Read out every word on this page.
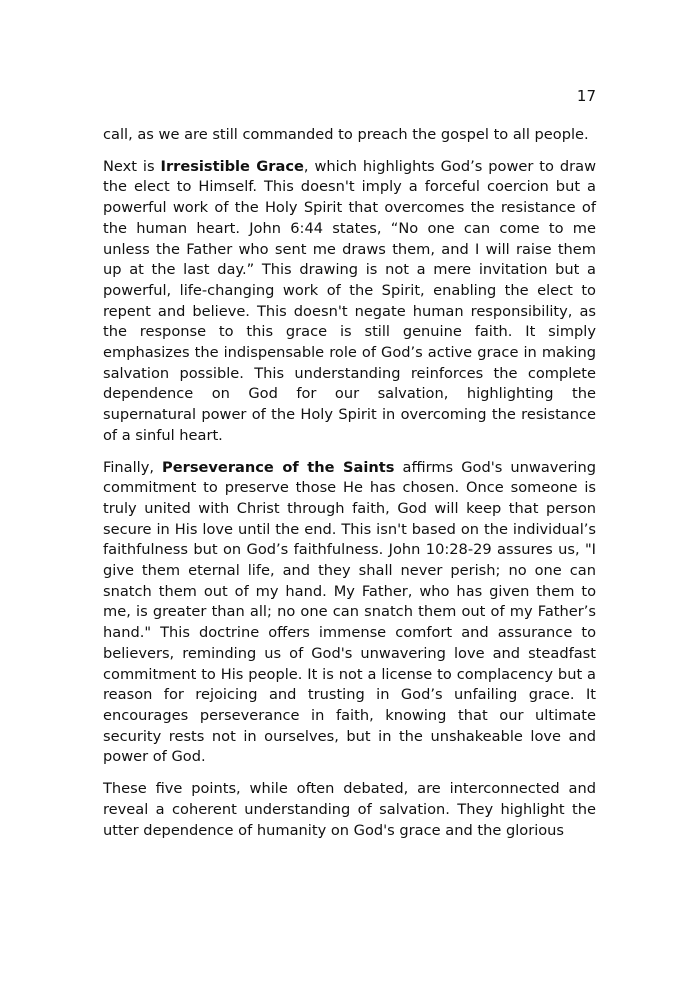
17

call, as we are still commanded to preach the gospel to all people.

Next is Irresistible Grace, which highlights God’s power to draw the elect to Himself. This doesn't imply a forceful coercion but a powerful work of the Holy Spirit that overcomes the resistance of the human heart. John 6:44 states, “No one can come to me unless the Father who sent me draws them, and I will raise them up at the last day.” This drawing is not a mere invitation but a powerful, life-changing work of the Spirit, enabling the elect to repent and believe. This doesn't negate human responsibility, as the response to this grace is still genuine faith. It simply emphasizes the indispensable role of God’s active grace in making salvation possible. This understanding reinforces the complete dependence on God for our salvation, highlighting the supernatural power of the Holy Spirit in overcoming the resistance of a sinful heart.

Finally, Perseverance of the Saints affirms God's unwavering commitment to preserve those He has chosen. Once someone is truly united with Christ through faith, God will keep that person secure in His love until the end. This isn't based on the individual’s faithfulness but on God’s faithfulness. John 10:28-29 assures us, "I give them eternal life, and they shall never perish; no one can snatch them out of my hand. My Father, who has given them to me, is greater than all; no one can snatch them out of my Father’s hand." This doctrine offers immense comfort and assurance to believers, reminding us of God's unwavering love and steadfast commitment to His people. It is not a license to complacency but a reason for rejoicing and trusting in God’s unfailing grace. It encourages perseverance in faith, knowing that our ultimate security rests not in ourselves, but in the unshakeable love and power of God.

These five points, while often debated, are interconnected and reveal a coherent understanding of salvation. They highlight the utter dependence of humanity on God's grace and the glorious
